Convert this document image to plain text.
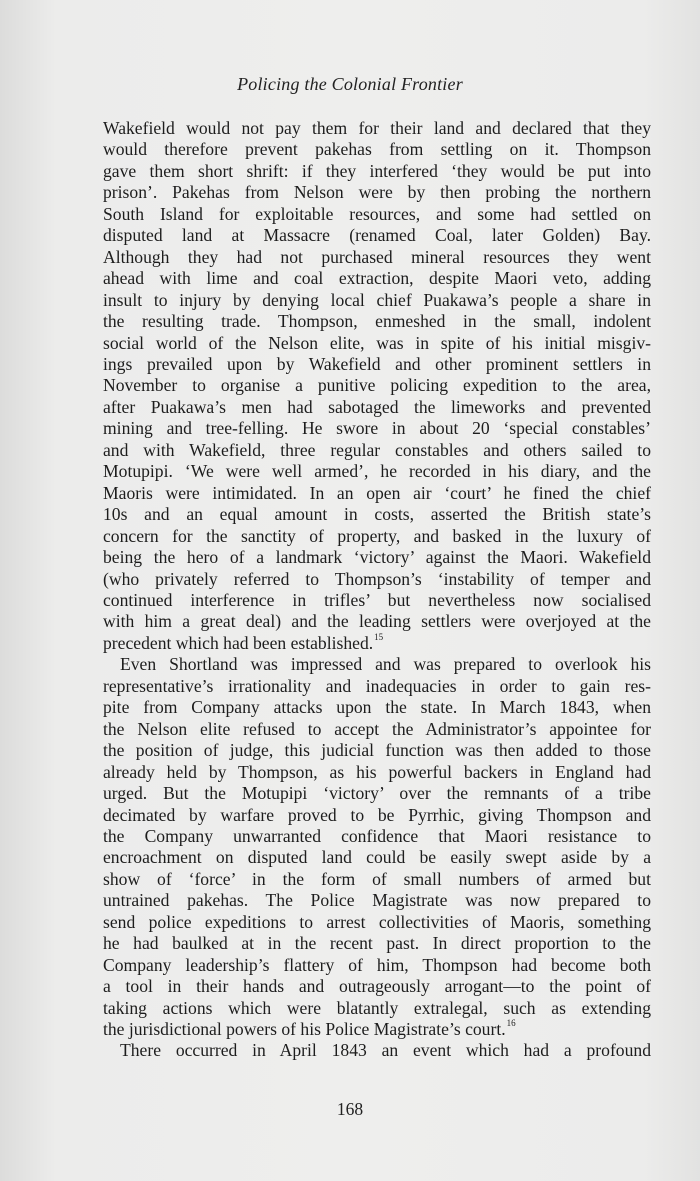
Policing the Colonial Frontier
Wakefield would not pay them for their land and declared that they
would therefore prevent pakehas from settling on it. Thompson
gave them short shrift: if they interfered ‘they would be put into
prison’. Pakehas from Nelson were by then probing the northern
South Island for exploitable resources, and some had settled on
disputed land at Massacre (renamed Coal, later Golden) Bay.
Although they had not purchased mineral resources they went
ahead with lime and coal extraction, despite Maori veto, adding
insult to injury by denying local chief Puakawa’s people a share in
the resulting trade. Thompson, enmeshed in the small, indolent
social world of the Nelson elite, was in spite of his initial misgiv-
ings prevailed upon by Wakefield and other prominent settlers in
November to organise a punitive policing expedition to the area,
after Puakawa’s men had sabotaged the limeworks and prevented
mining and tree-felling. He swore in about 20 ‘special constables’
and with Wakefield, three regular constables and others sailed to
Motupipi. ‘We were well armed’, he recorded in his diary, and the
Maoris were intimidated. In an open air ‘court’ he fined the chief
10s and an equal amount in costs, asserted the British state’s
concern for the sanctity of property, and basked in the luxury of
being the hero of a landmark ‘victory’ against the Maori. Wakefield
(who privately referred to Thompson’s ‘instability of temper and
continued interference in trifles’ but nevertheless now socialised
with him a great deal) and the leading settlers were overjoyed at the
precedent which had been established.$^{15}$
Even Shortland was impressed and was prepared to overlook his
representative’s irrationality and inadequacies in order to gain res-
pite from Company attacks upon the state. In March 1843, when
the Nelson elite refused to accept the Administrator’s appointee for
the position of judge, this judicial function was then added to those
already held by Thompson, as his powerful backers in England had
urged. But the Motupipi ‘victory’ over the remnants of a tribe
decimated by warfare proved to be Pyrrhic, giving Thompson and
the Company unwarranted confidence that Maori resistance to
encroachment on disputed land could be easily swept aside by a
show of ‘force’ in the form of small numbers of armed but
untrained pakehas. The Police Magistrate was now prepared to
send police expeditions to arrest collectivities of Maoris, something
he had baulked at in the recent past. In direct proportion to the
Company leadership’s flattery of him, Thompson had become both
a tool in their hands and outrageously arrogant—to the point of
taking actions which were blatantly extralegal, such as extending
the jurisdictional powers of his Police Magistrate’s court.$^{16}$
There occurred in April 1843 an event which had a profound
168
